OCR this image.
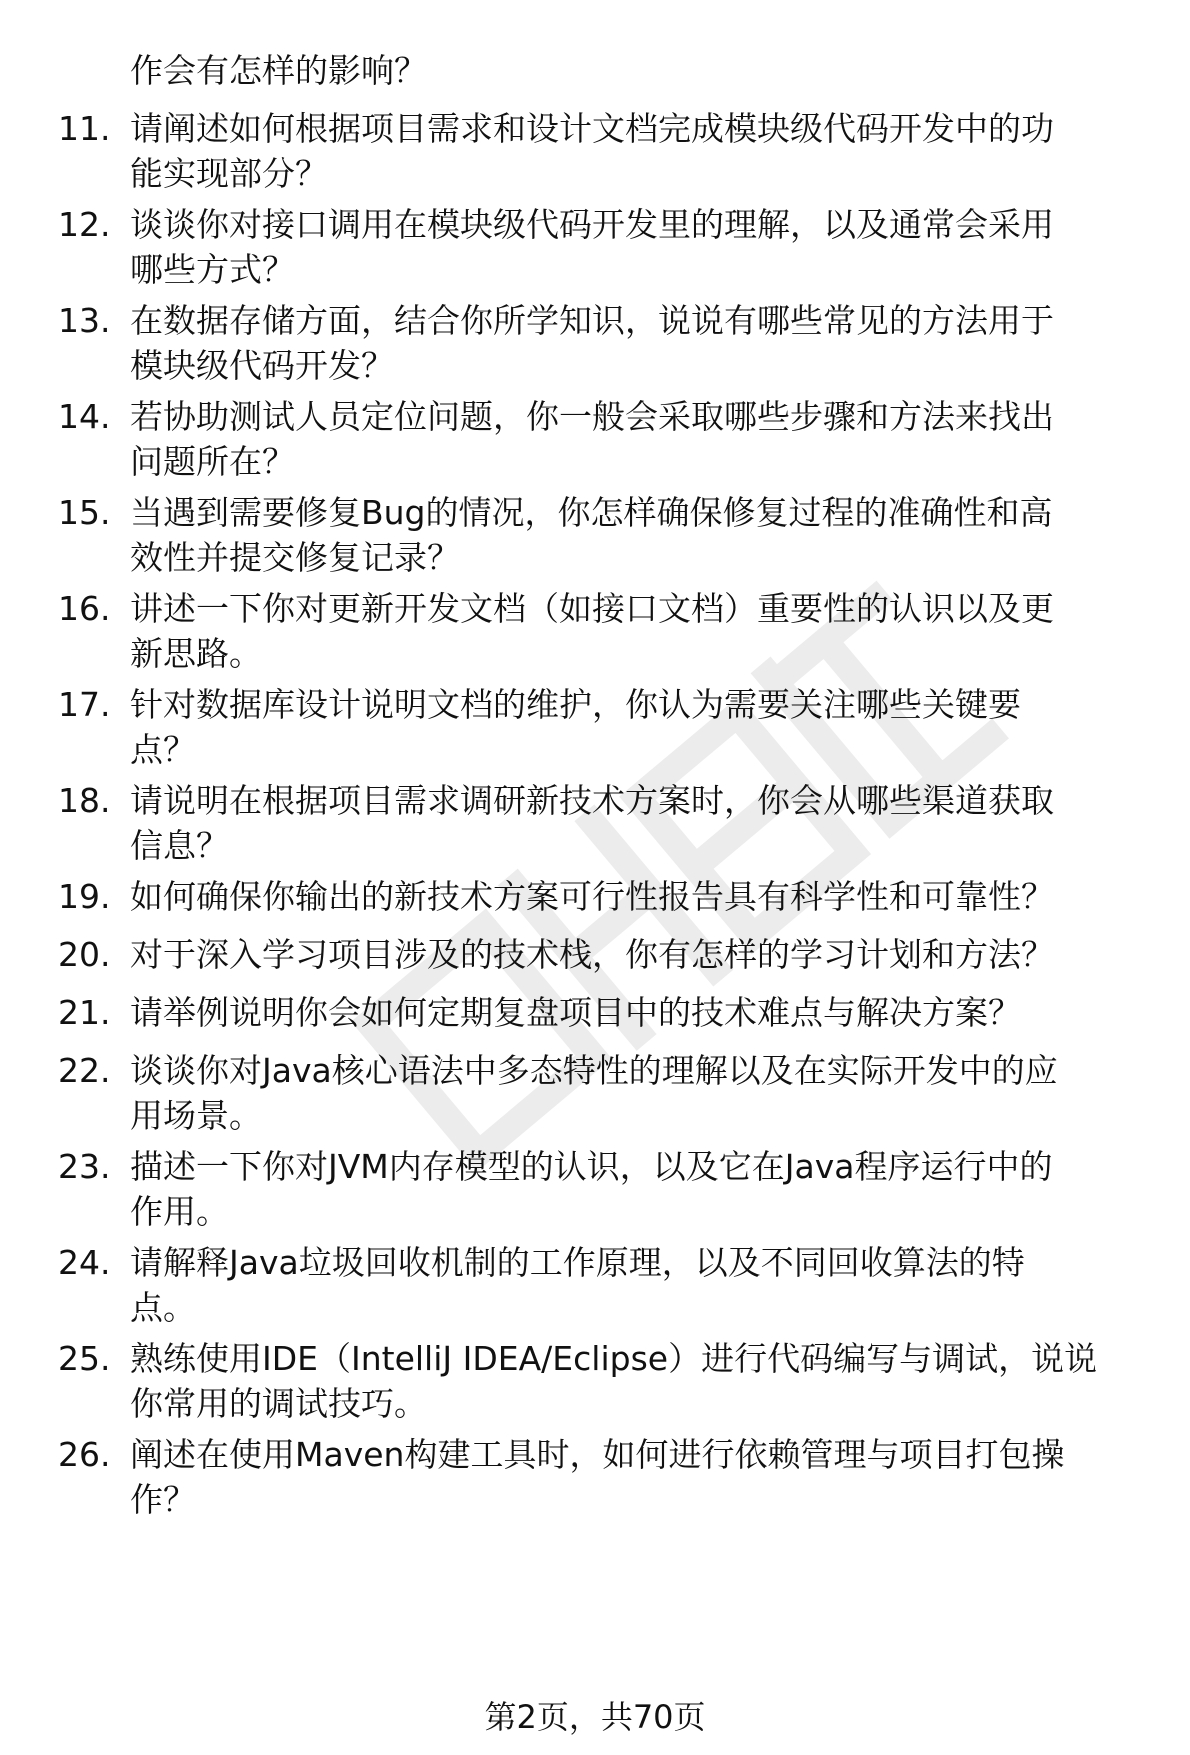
作会有怎样的影响？
11. 请阐述如何根据项目需求和设计文档完成模块级代码开发中的功
能实现部分？
12. 谈谈你对接口调用在模块级代码开发里的理解，以及通常会采用
哪些方式？
13. 在数据存储方面，结合你所学知识，说说有哪些常见的方法用于
模块级代码开发？
14. 若协助测试人员定位问题，你一般会采取哪些步骤和方法来找出
问题所在？
15. 当遇到需要修复Bug的情况，你怎样确保修复过程的准确性和高
效性并提交修复记录？
16. 讲述一下你对更新开发文档（如接口文档）重要性的认识以及更
新思路。
17. 针对数据库设计说明文档的维护，你认为需要关注哪些关键要
点？
18. 请说明在根据项目需求调研新技术方案时，你会从哪些渠道获取
信息？
19. 如何确保你输出的新技术方案可行性报告具有科学性和可靠性？
20. 对于深入学习项目涉及的技术栈，你有怎样的学习计划和方法？
21. 请举例说明你会如何定期复盘项目中的技术难点与解决方案？
22. 谈谈你对Java核心语法中多态特性的理解以及在实际开发中的应
用场景。
23. 描述一下你对JVM内存模型的认识，以及它在Java程序运行中的
作用。
24. 请解释Java垃圾回收机制的工作原理，以及不同回收算法的特
点。
25. 熟练使用IDE（IntelliJ IDEA/Eclipse）进行代码编写与调试，说说
你常用的调试技巧。
26. 阐述在使用Maven构建工具时，如何进行依赖管理与项目打包操
作？
第2页，共70页
